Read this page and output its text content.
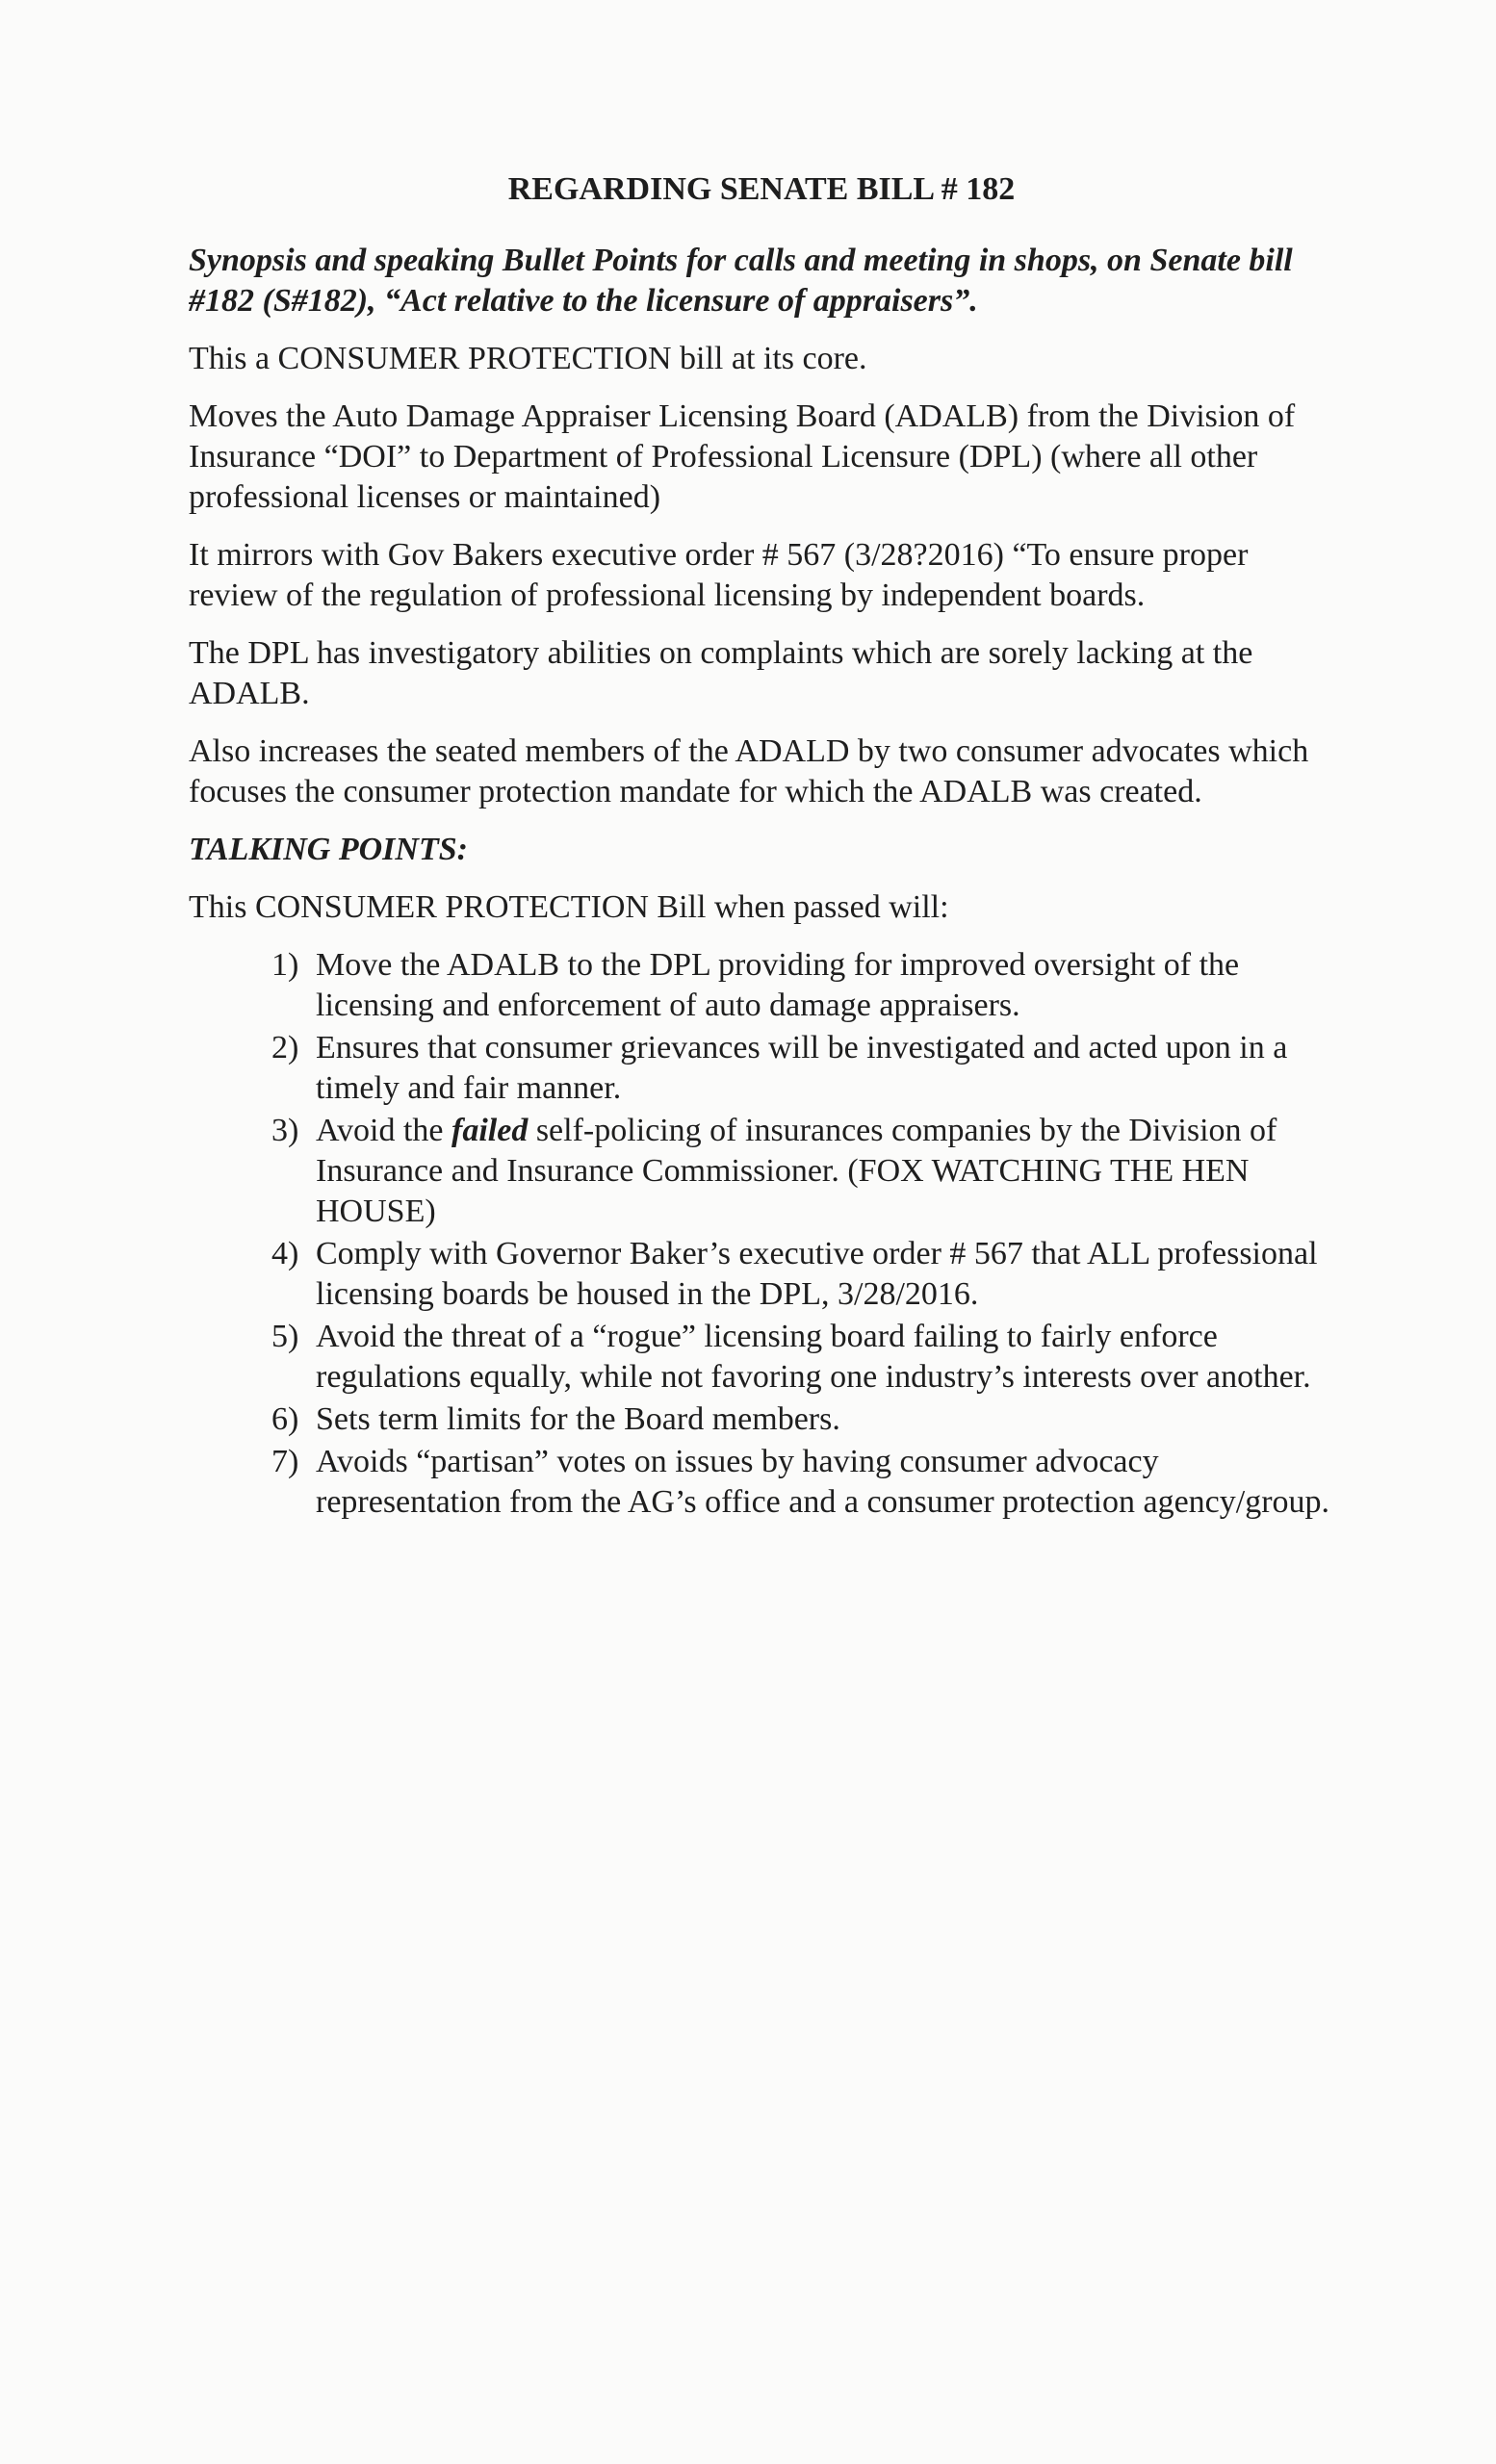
REGARDING SENATE BILL # 182
Synopsis and speaking Bullet Points for calls and meeting in shops, on Senate bill #182 (S#182), “Act relative to the licensure of appraisers”.

This a CONSUMER PROTECTION bill at its core.

Moves the Auto Damage Appraiser Licensing Board (ADALB) from the Division of Insurance “DOI” to Department of Professional Licensure (DPL) (where all other professional licenses or maintained)

It mirrors with Gov Bakers executive order # 567 (3/28?2016) “To ensure proper review of the regulation of professional licensing by independent boards.

The DPL has investigatory abilities on complaints which are sorely lacking at the ADALB.

Also increases the seated members of the ADALD by two consumer advocates which focuses the consumer protection mandate for which the ADALB was created.

TALKING POINTS:

This CONSUMER PROTECTION Bill when passed will:

1) Move the ADALB to the DPL providing for improved oversight of the licensing and enforcement of auto damage appraisers.
2) Ensures that consumer grievances will be investigated and acted upon in a timely and fair manner.
3) Avoid the failed self-policing of insurances companies by the Division of Insurance and Insurance Commissioner. (FOX WATCHING THE HEN HOUSE)
4) Comply with Governor Baker’s executive order # 567 that ALL professional licensing boards be housed in the DPL, 3/28/2016.
5) Avoid the threat of a “rogue” licensing board failing to fairly enforce regulations equally, while not favoring one industry’s interests over another.
6) Sets term limits for the Board members.
7) Avoids “partisan” votes on issues by having consumer advocacy representation from the AG’s office and a consumer protection agency/group.
